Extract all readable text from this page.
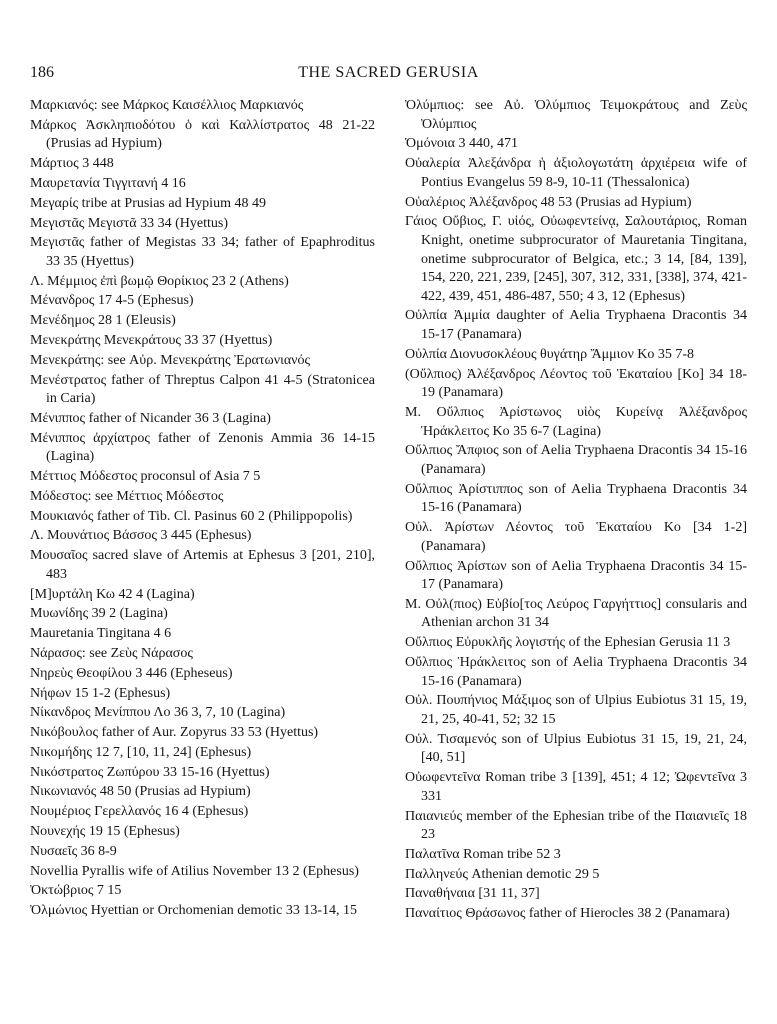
186	THE SACRED GERUSIA

Μαρκιανός: see Μάρκος Καισέλλιος Μαρκιανός

Μάρκος Ἀσκληπιοδότου ὁ καὶ Καλλίστρατος 48 21-22 (Prusias ad Hypium)

Μάρτιος 3 448

Μαυρετανία Τιγγιτανή 4 16

Μεγαρίς tribe at Prusias ad Hypium 48 49

Μεγιστᾶς Μεγιστᾶ 33 34 (Hyettus)

Μεγιστᾶς father of Megistas 33 34; father of Epaphroditus 33 35 (Hyettus)

Λ. Μέμμιος ἐπὶ βωμῷ Θορίκιος 23 2 (Athens)

Μένανδρος 17 4-5 (Ephesus)

Μενέδημος 28 1 (Eleusis)

Μενεκράτης Μενεκράτους 33 37 (Hyettus)

Μενεκράτης: see Αὐρ. Μενεκράτης Ἐρατωνιανός

Μενέστρατος father of Threptus Calpon 41 4-5 (Stratonicea in Caria)

Μένιππος father of Nicander 36 3 (Lagina)

Μένιππος ἀρχίατρος father of Zenonis Ammia 36 14-15 (Lagina)

Μέττιος Μόδεστος proconsul of Asia 7 5

Μόδεστος: see Μέττιος Μόδεστος

Μουκιανός father of Tib. Cl. Pasinus 60 2 (Philippopolis)

Λ. Μουνάτιος Βάσσος 3 445 (Ephesus)

Μουσαῖος sacred slave of Artemis at Ephesus 3 [201, 210], 483

[Μ]υρτάλη Κω 42 4 (Lagina)

Μυωνίδης 39 2 (Lagina)

Mauretania Tingitana 4 6

Νάρασος: see Ζεὺς Νάρασος

Νηρεὺς Θεοφίλου 3 446 (Epheseus)

Νήφων 15 1-2 (Ephesus)

Νίκανδρος Μενίππου Λο 36 3, 7, 10 (Lagina)

Νικόβουλος father of Aur. Zopyrus 33 53 (Hyettus)

Νικομήδης 12 7, [10, 11, 24] (Ephesus)

Νικόστρατος Ζωπύρου 33 15-16 (Hyettus)

Νικωνιανός 48 50 (Prusias ad Hypium)

Νουμέριος Γερελλανός 16 4 (Ephesus)

Νουνεχής 19 15 (Ephesus)

Νυσαεῖς 36 8-9

Novellia Pyrallis wife of Atilius November 13 2 (Ephesus)

Ὀκτώβριος 7 15

Ὀλμώνιος Hyettian or Orchomenian demotic 33 13-14, 15

Ὀλύμπιος: see Αὐ. Ὀλύμπιος Τειμοκράτους and Ζεὺς Ὀλύμπιος

Ὁμόνοια 3 440, 471

Οὐαλερία Ἀλεξάνδρα ἡ ἀξιολογωτάτη ἀρχιέρεια wife of Pontius Evangelus 59 8-9, 10-11 (Thessalonica)

Οὐαλέριος Ἀλέξανδρος 48 53 (Prusias ad Hypium)

Γάιος Οὔβιος, Γ. υἱός, Οὐωφεντείνᾳ, Σαλουτάριος, Roman Knight, onetime subprocurator of Mauretania Tingitana, onetime subprocurator of Belgica, etc.; 3 14, [84, 139], 154, 220, 221, 239, [245], 307, 312, 331, [338], 374, 421-422, 439, 451, 486-487, 550; 4 3, 12 (Ephesus)

Οὐλπία Ἀμμία daughter of Aelia Tryphaena Dracontis 34 15-17 (Panamara)

Οὐλπία Διονυσοκλέους θυγάτηρ Ἄμμιον Κο 35 7-8

(Οὔλπιος) Ἀλέξανδρος Λέοντος τοῦ Ἑκαταίου [Κο] 34 18-19 (Panamara)

Μ. Οὔλπιος Ἀρίστωνος υἱὸς Κυρείνᾳ Ἀλέξανδρος Ἡράκλειτος Κο 35 6-7 (Lagina)

Οὔλπιος Ἄπφιος son of Aelia Tryphaena Dracontis 34 15-16 (Panamara)

Οὔλπιος Ἀρίστιππος son of Aelia Tryphaena Dracontis 34 15-16 (Panamara)

Οὐλ. Ἀρίστων Λέοντος τοῦ Ἑκαταίου Κο [34 1-2] (Panamara)

Οὔλπιος Ἀρίστων son of Aelia Tryphaena Dracontis 34 15-17 (Panamara)

Μ. Οὐλ(πιος) Εὐβίο[τος Λεύρος Γαργήττιος] consularis and Athenian archon 31 34

Οὔλπιος Εὐρυκλῆς λογιστής of the Ephesian Gerusia 11 3

Οὔλπιος Ἡράκλειτος son of Aelia Tryphaena Dracontis 34 15-16 (Panamara)

Οὐλ. Πουπήνιος Μάξιμος son of Ulpius Eubiotus 31 15, 19, 21, 25, 40-41, 52; 32 15

Οὐλ. Τισαμενός son of Ulpius Eubiotus 31 15, 19, 21, 24, [40, 51]

Οὐωφεντεῖνα Roman tribe 3 [139], 451; 4 12; Ὠφεντεῖνα 3 331

Παιανιεύς member of the Ephesian tribe of the Παιανιεῖς 18 23

Παλατῖνα Roman tribe 52 3

Παλληνεύς Athenian demotic 29 5

Παναθήναια [31 11, 37]

Παναίτιος Θράσωνος father of Hierocles 38 2 (Panamara)
